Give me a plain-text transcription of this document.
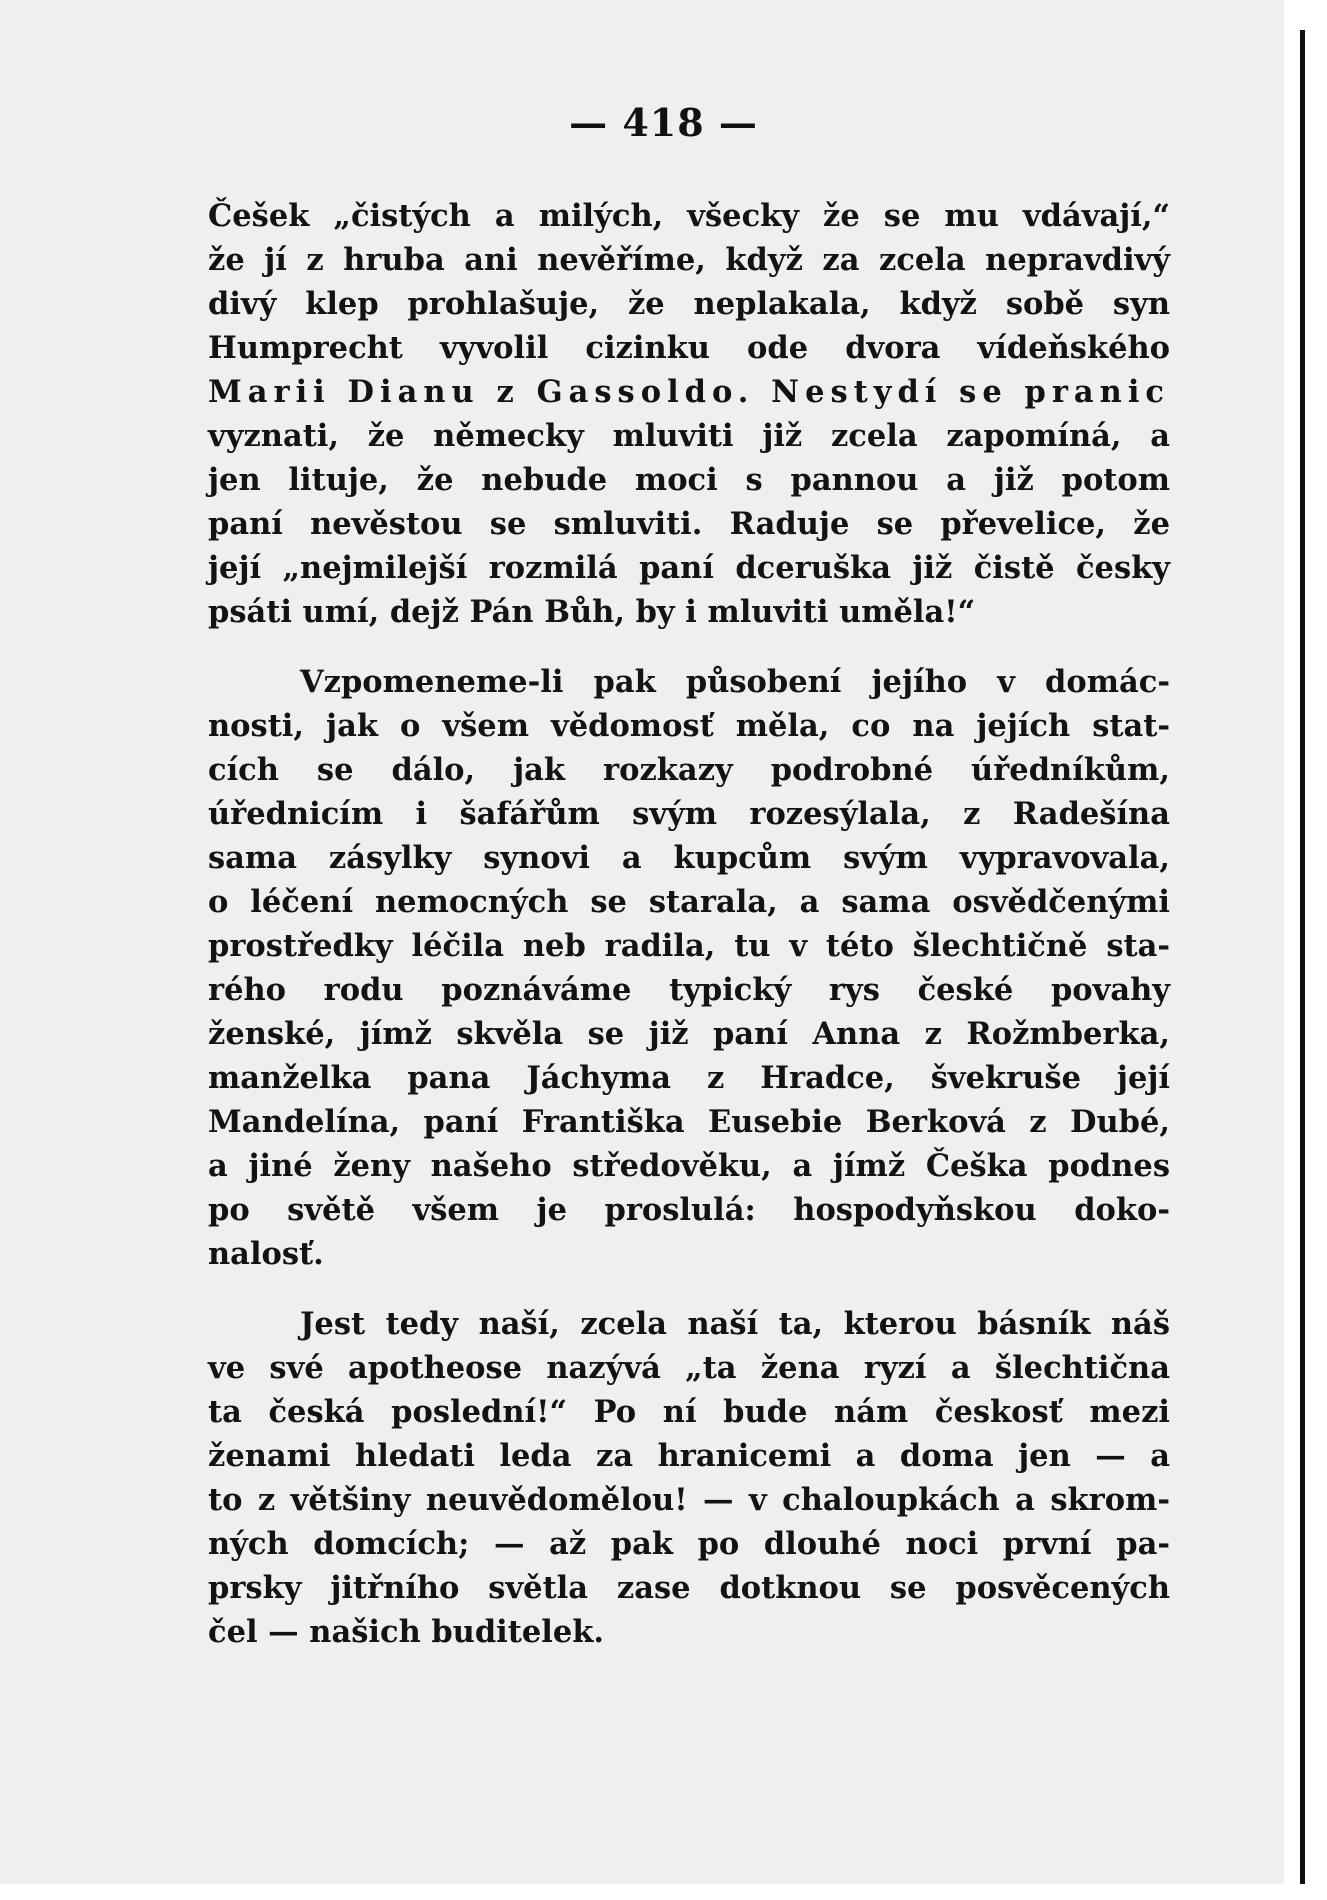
— 418 —

Češek „čistých a milých, všecky že se mu vdávají,“
že jí z hruba ani nevěříme, když za zcela nepravdivý
divý klep prohlašuje, že neplakala, když sobě syn
Humprecht vyvolil cizinku ode dvora vídeňského
Marii Dianu z Gassoldo. Nestydí se pranic
vyznati, že německy mluviti již zcela zapomíná, a
jen lituje, že nebude moci s pannou a již potom
paní nevěstou se smluviti. Raduje se převelice, že
její „nejmilejší rozmilá paní dceruška již čistě česky
psáti umí, dejž Pán Bůh, by i mluviti uměla!“

Vzpomeneme-li pak působení jejího v domác-
nosti, jak o všem vědomosť měla, co na jejích stat-
cích se dálo, jak rozkazy podrobné úředníkům,
úřednicím i šafářům svým rozesýlala, z Radešína
sama zásylky synovi a kupcům svým vypravovala,
o léčení nemocných se starala, a sama osvědčenými
prostředky léčila neb radila, tu v této šlechtičně sta-
rého rodu poznáváme typický rys české povahy
ženské, jímž skvěla se již paní Anna z Rožmberka,
manželka pana Jáchyma z Hradce, švekruše její
Mandelína, paní Františka Eusebie Berková z Dubé,
a jiné ženy našeho středověku, a jímž Češka podnes
po světě všem je proslulá: hospodyňskou doko-
nalosť.

Jest tedy naší, zcela naší ta, kterou básník náš
ve své apotheose nazývá „ta žena ryzí a šlechtična
ta česká poslední!“ Po ní bude nám českosť mezi
ženami hledati leda za hranicemi a doma jen — a
to z většiny neuvědomělou! — v chaloupkách a skrom-
ných domcích; — až pak po dlouhé noci první pa-
prsky jitřního světla zase dotknou se posvěcených
čel — našich buditelek.
